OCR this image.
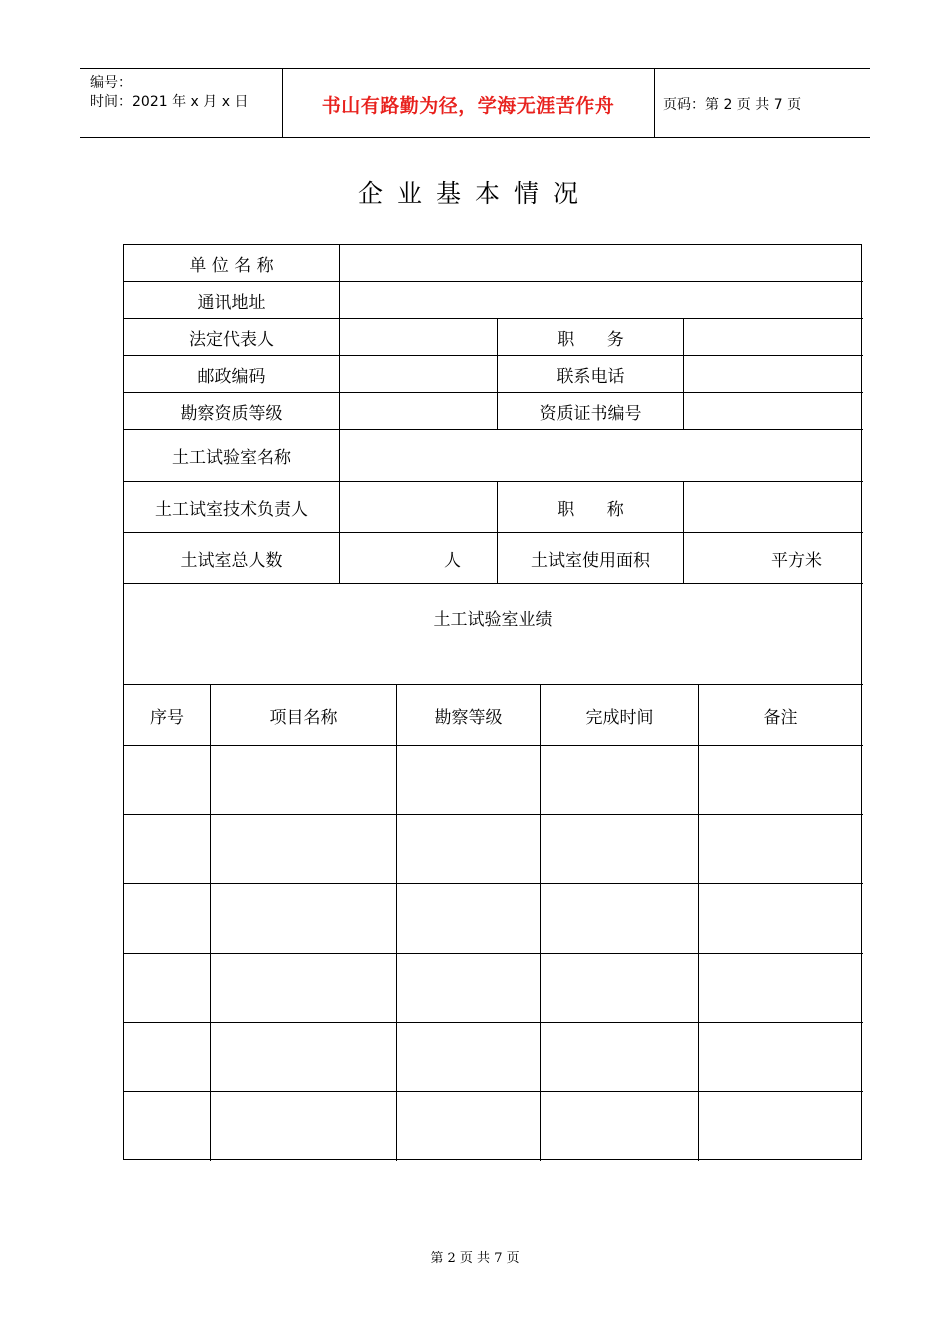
编号：
时间：2021 年 x 月 x 日	书山有路勤为径，学海无涯苦作舟	页码：第 2 页 共 7 页
企业基本情况
单 位 名 称
通讯地址
法定代表人	职      务
邮政编码	联系电话
勘察资质等级	资质证书编号
土工试验室名称
土工试室技术负责人	职      称
土试室总人数	人	土试室使用面积	平方米
土工试验室业绩
序号	项目名称	勘察等级	完成时间	备注
第 2 页 共 7 页
